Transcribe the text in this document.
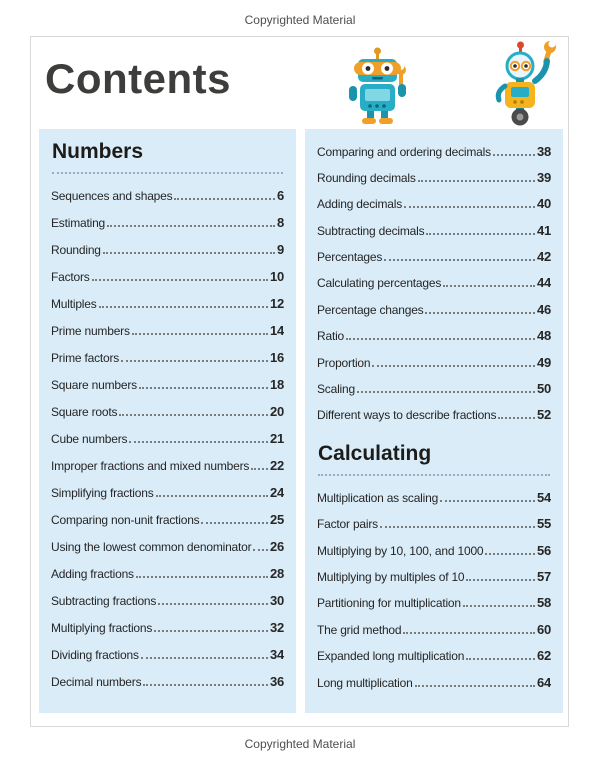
Copyrighted Material
Contents
Numbers
Sequences and shapes	6
Estimating	8
Rounding	9
Factors	10
Multiples	12
Prime numbers	14
Prime factors	16
Square numbers	18
Square roots	20
Cube numbers	21
Improper fractions and mixed numbers 22
Simplifying fractions	24
Comparing non-unit fractions	25
Using the lowest common denominator 26
Adding fractions	28
Subtracting fractions	30
Multiplying fractions	32
Dividing fractions	34
Decimal numbers	36
Comparing and ordering decimals	38
Rounding decimals	39
Adding decimals	40
Subtracting decimals	41
Percentages	42
Calculating percentages	44
Percentage changes	46
Ratio	48
Proportion	49
Scaling	50
Different ways to describe fractions	52
Calculating
Multiplication as scaling	54
Factor pairs	55
Multiplying by 10, 100, and 1000	56
Multiplying by multiples of 10	57
Partitioning for multiplication	58
The grid method	60
Expanded long multiplication	62
Long multiplication	64
Copyrighted Material
